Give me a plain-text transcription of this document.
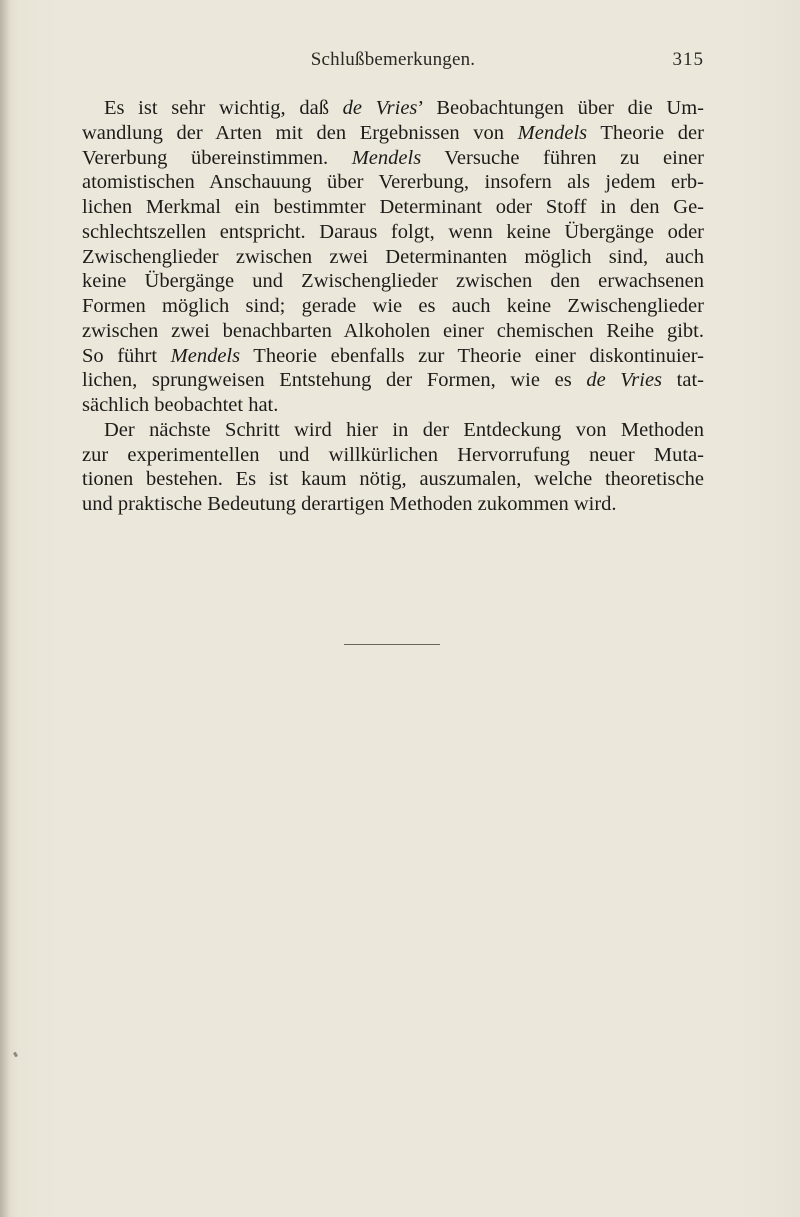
Schlußbemerkungen.	315
Es ist sehr wichtig, daß de Vries’ Beobachtungen über die Um-
wandlung der Arten mit den Ergebnissen von Mendels Theorie der
Vererbung übereinstimmen. Mendels Versuche führen zu einer
atomistischen Anschauung über Vererbung, insofern als jedem erb-
lichen Merkmal ein bestimmter Determinant oder Stoff in den Ge-
schlechtszellen entspricht. Daraus folgt, wenn keine Übergänge oder
Zwischenglieder zwischen zwei Determinanten möglich sind, auch
keine Übergänge und Zwischenglieder zwischen den erwachsenen
Formen möglich sind; gerade wie es auch keine Zwischenglieder
zwischen zwei benachbarten Alkoholen einer chemischen Reihe gibt.
So führt Mendels Theorie ebenfalls zur Theorie einer diskontinuier-
lichen, sprungweisen Entstehung der Formen, wie es de Vries tat-
sächlich beobachtet hat.
Der nächste Schritt wird hier in der Entdeckung von Methoden
zur experimentellen und willkürlichen Hervorrufung neuer Muta-
tionen bestehen. Es ist kaum nötig, auszumalen, welche theoretische
und praktische Bedeutung derartigen Methoden zukommen wird.
